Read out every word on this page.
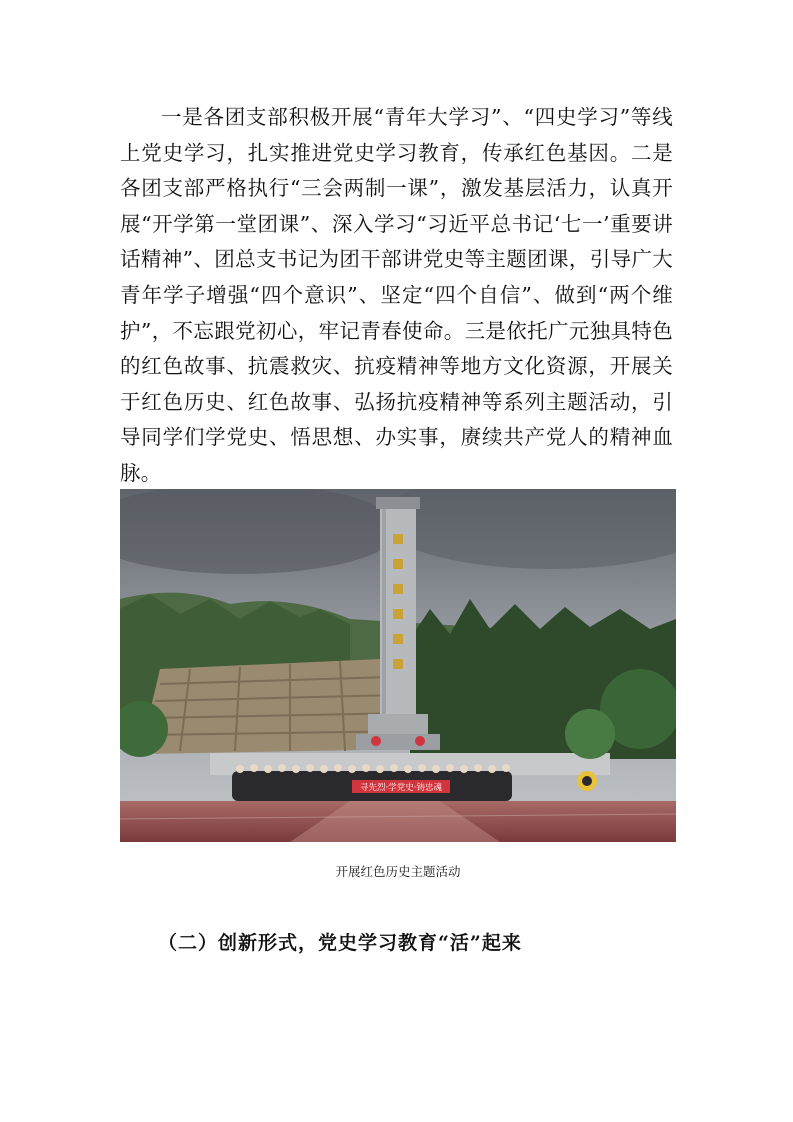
一是各团支部积极开展“青年大学习”、“四史学习”等线上党史学习，扎实推进党史学习教育，传承红色基因。二是各团支部严格执行“三会两制一课”，激发基层活力，认真开展“开学第一堂团课”、深入学习“习近平总书记‘七一’重要讲话精神”、团总支书记为团干部讲党史等主题团课，引导广大青年学子增强“四个意识”、坚定“四个自信”、做到“两个维护”，不忘跟党初心，牢记青春使命。三是依托广元独具特色的红色故事、抗震救灾、抗疫精神等地方文化资源，开展关于红色历史、红色故事、弘扬抗疫精神等系列主题活动，引导同学们学党史、悟思想、办实事，赓续共产党人的精神血脉。

寻先烈·学党史·铸忠魂
开展红色历史主题活动
（二）创新形式，党史学习教育“活”起来
